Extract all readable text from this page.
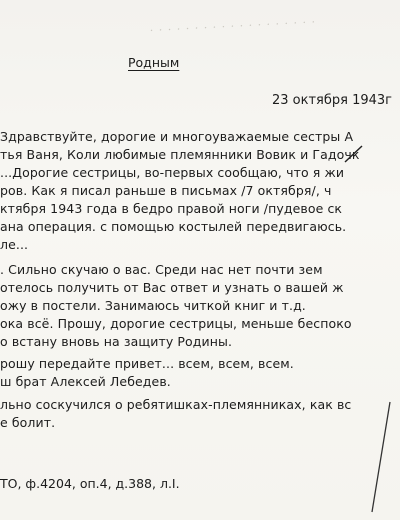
· · · · · · · · · · · · · · · · · · ·
Родным
23 октября 1943г
Здравствуйте, дорогие и многоуважаемые сестры А
тья Ваня, Коли любимые племянники Вовик и Гадочк
...Дорогие сестрицы, во-первых сообщаю, что я жи
ров. Как я писал раньше в письмах /7 октября/, ч
ктября 1943 года в бедро правой ноги /пудевое ск
ана операция. с помощью костылей передвигаюсь.
ле...
. Сильно скучаю о вас. Среди нас нет почти зем
отелось получить от Вас ответ и узнать о вашей ж
ожу в постели. Занимаюсь читкой книг и т.д.
ока всё. Прошу, дорогие сестрицы, меньше беспоко
о встану вновь на защиту Родины.
рошу передайте привет... всем, всем, всем.
ш брат Алексей Лебедев.
льно соскучился о ребятишках-племянниках, как вс
е болит.
ТО, ф.4204, оп.4, д.388, л.I.
